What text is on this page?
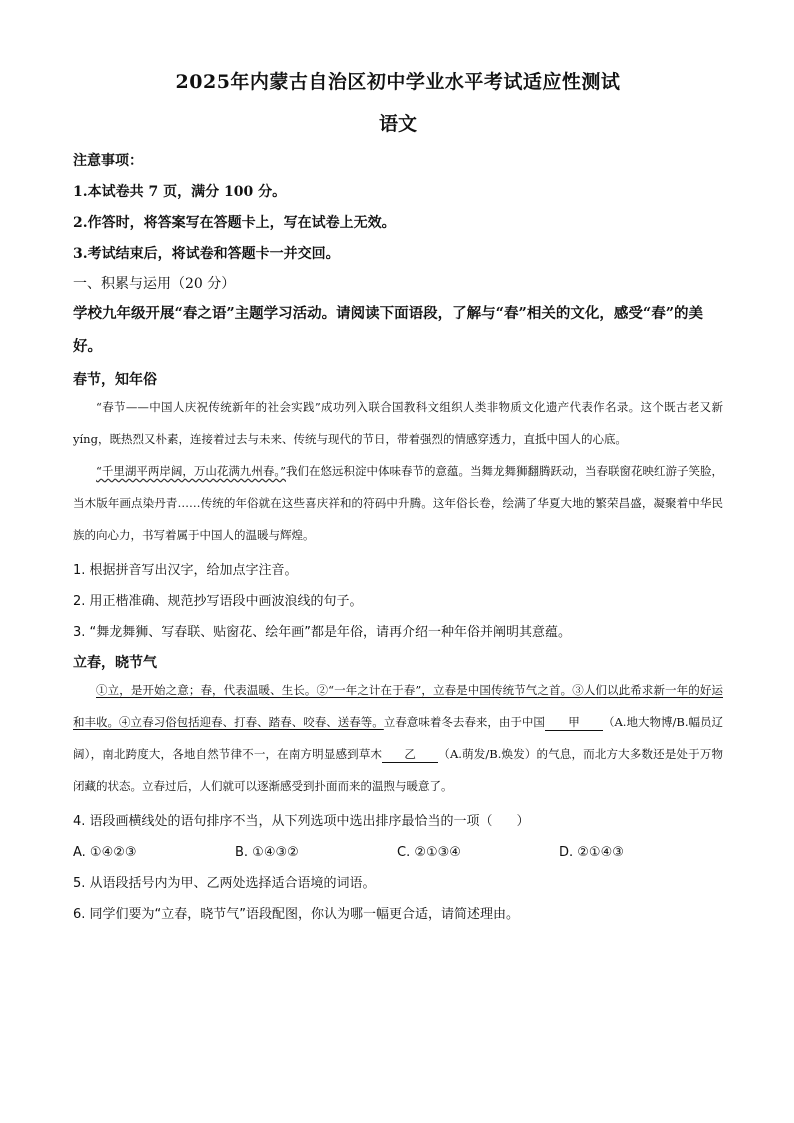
2025年内蒙古自治区初中学业水平考试适应性测试
语文
注意事项：
1.本试卷共 7 页，满分 100 分。
2.作答时，将答案写在答题卡上，写在试卷上无效。
3.考试结束后，将试卷和答题卡一并交回。
一、积累与运用（20 分）
学校九年级开展“春之语”主题学习活动。请阅读下面语段，了解与“春”相关的文化，感受“春”的美好。
春节，知年俗
“春节——中国人庆祝传统新年的社会实践”成功列入联合国教科文组织人类非物质文化遗产代表作名录。这个既古老又新 yíng，既热烈又朴素，连接着过去与未来、传统与现代的节日，带着强烈的情感穿透力，直抵中国人的心底。
“千里湖平两岸阔，万山花满九州春。”我们在悠远积淀中体味春节的意蕴。当舞龙舞狮翻腾跃动，当春联窗花映红游子笑脸，当木版年画点染丹青……传统的年俗就在这些喜庆祥和的符码中升腾。这年俗长卷，绘满了华夏大地的繁荣昌盛，凝聚着中华民族的向心力，书写着属于中国人的温暖与辉煌。
1. 根据拼音写出汉字，给加点字注音。
2. 用正楷准确、规范抄写语段中画波浪线的句子。
3. “舞龙舞狮、写春联、贴窗花、绘年画”都是年俗，请再介绍一种年俗并阐明其意蕴。
立春，晓节气
①立，是开始之意；春，代表温暖、生长。②“一年之计在于春”，立春是中国传统节气之首。③人们以此希求新一年的好运和丰收。④立春习俗包括迎春、打春、踏春、咬春、送春等。立春意味着冬去春来，由于中国 甲 （A.地大物博/B.幅员辽阔），南北跨度大，各地自然节律不一，在南方明显感到草木 乙 （A.萌发/B.焕发）的气息，而北方大多数还是处于万物闭藏的状态。立春过后，人们就可以逐渐感受到扑面而来的温煦与暖意了。
4. 语段画横线处的语句排序不当，从下列选项中选出排序最恰当的一项（ ）
A. ①④②③	B. ①④③②	C. ②①③④	D. ②①④③
5. 从语段括号内为甲、乙两处选择适合语境的词语。
6. 同学们要为“立春，晓节气”语段配图，你认为哪一幅更合适，请简述理由。
